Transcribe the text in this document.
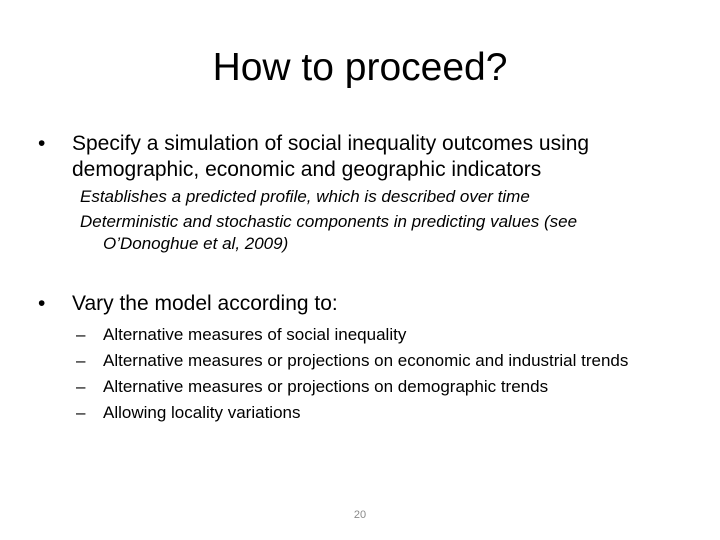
How to proceed?
• Specify a simulation of social inequality outcomes using demographic, economic and geographic indicators
Establishes a predicted profile, which is described over time
Deterministic and stochastic components in predicting values (see
O’Donoghue et al, 2009)
• Vary the model according to:
– Alternative measures of social inequality
– Alternative measures or projections on economic and industrial trends
– Alternative measures or projections on demographic trends
– Allowing locality variations
20
